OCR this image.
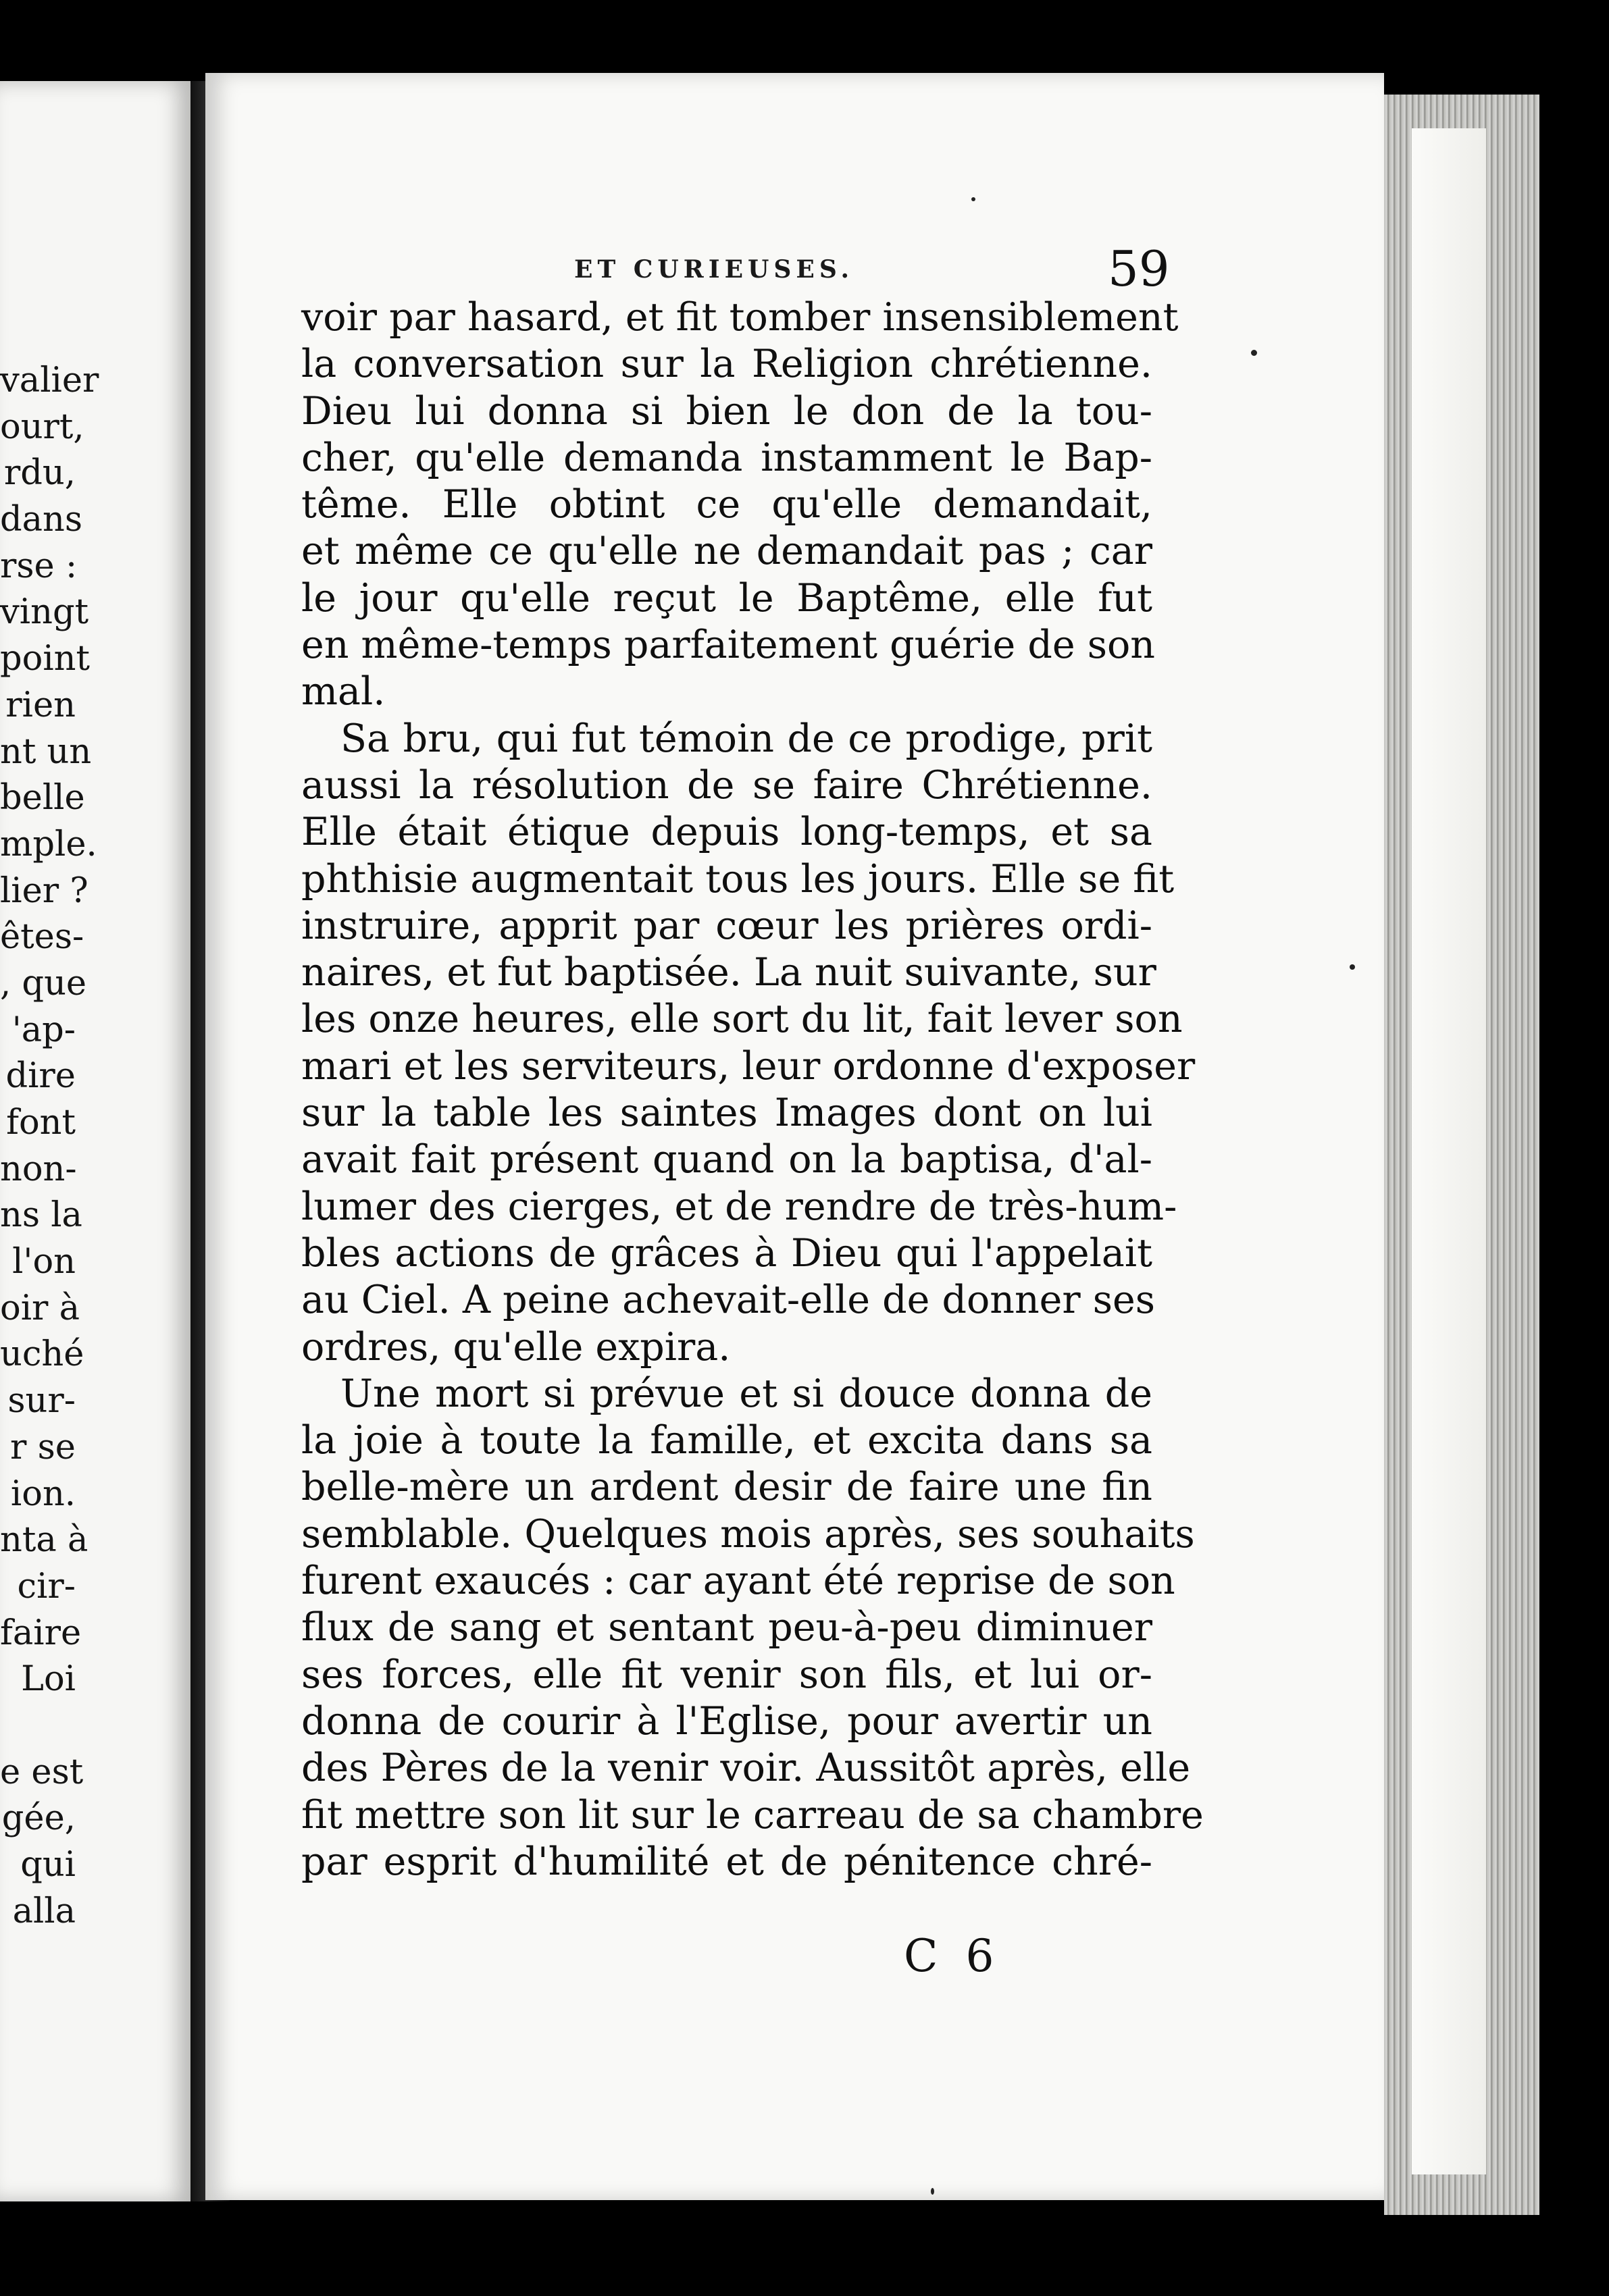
valier
ourt,
rdu,
dans
rse :
vingt
point
rien
nt un
belle
mple.
lier ?
êtes-
, que
'ap-
dire
font
non-
ns la
l'on
oir à
uché
sur-
r se
ion.
nta à
cir-
faire
Loi
e est
gée,
qui
alla
ET CURIEUSES.	59
voir par hasard, et fit tomber insensiblement
la conversation sur la Religion chrétienne.
Dieu lui donna si bien le don de la tou-
cher, qu'elle demanda instamment le Bap-
tême. Elle obtint ce qu'elle demandait,
et même ce qu'elle ne demandait pas ; car
le jour qu'elle reçut le Baptême, elle fut
en même-temps parfaitement guérie de son
mal.
Sa bru, qui fut témoin de ce prodige, prit
aussi la résolution de se faire Chrétienne.
Elle était étique depuis long-temps, et sa
phthisie augmentait tous les jours. Elle se fit
instruire, apprit par cœur les prières ordi-
naires, et fut baptisée. La nuit suivante, sur
les onze heures, elle sort du lit, fait lever son
mari et les serviteurs, leur ordonne d'exposer
sur la table les saintes Images dont on lui
avait fait présent quand on la baptisa, d'al-
lumer des cierges, et de rendre de très-hum-
bles actions de grâces à Dieu qui l'appelait
au Ciel. A peine achevait-elle de donner ses
ordres, qu'elle expira.
Une mort si prévue et si douce donna de
la joie à toute la famille, et excita dans sa
belle-mère un ardent desir de faire une fin
semblable. Quelques mois après, ses souhaits
furent exaucés : car ayant été reprise de son
flux de sang et sentant peu-à-peu diminuer
ses forces, elle fit venir son fils, et lui or-
donna de courir à l'Eglise, pour avertir un
des Pères de la venir voir. Aussitôt après, elle
fit mettre son lit sur le carreau de sa chambre
par esprit d'humilité et de pénitence chré-
C 6
